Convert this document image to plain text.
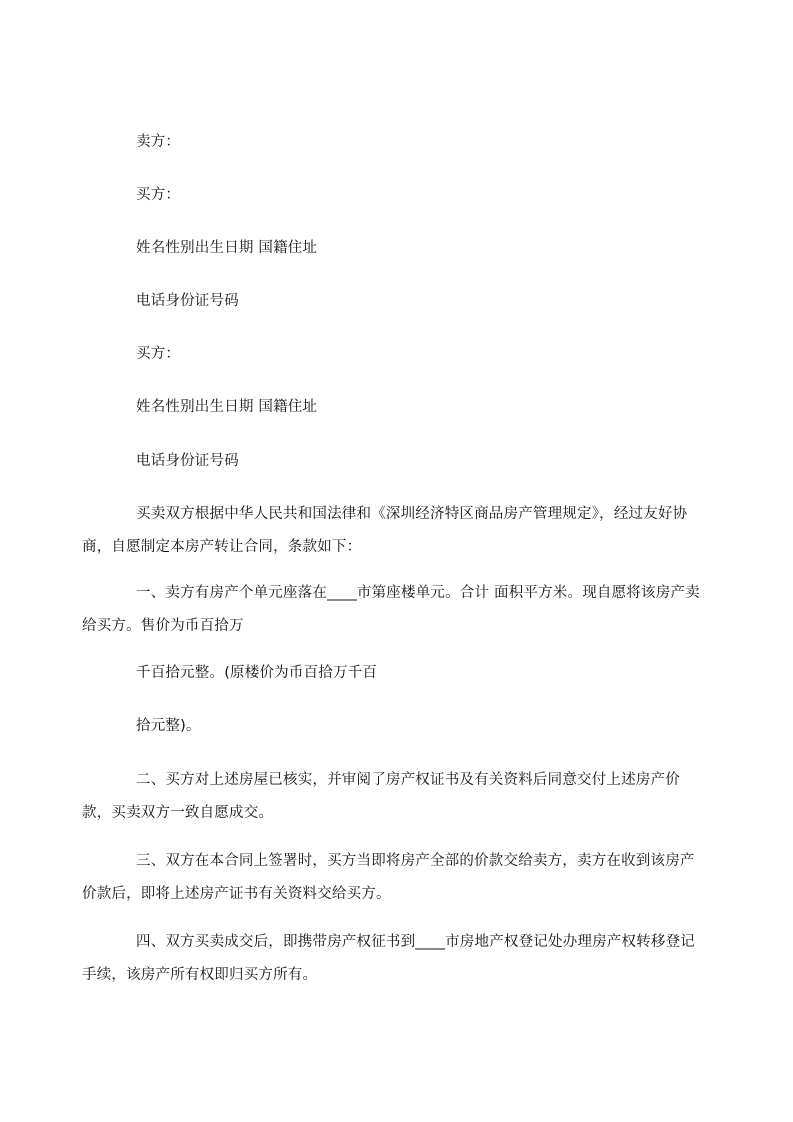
卖方：
买方：
姓名性别出生日期 国籍住址
电话身份证号码
买方：
姓名性别出生日期 国籍住址
电话身份证号码
买卖双方根据中华人民共和国法律和《深圳经济特区商品房产管理规定》，经过友好协商，自愿制定本房产转让合同，条款如下：
一、卖方有房产个单元座落在____市第座楼单元。合计 面积平方米。现自愿将该房产卖给买方。售价为币百拾万
千百拾元整。(原楼价为币百拾万千百
拾元整)。
二、买方对上述房屋已核实，并审阅了房产权证书及有关资料后同意交付上述房产价款，买卖双方一致自愿成交。
三、双方在本合同上签署时，买方当即将房产全部的价款交给卖方，卖方在收到该房产价款后，即将上述房产证书有关资料交给买方。
四、双方买卖成交后，即携带房产权征书到____市房地产权登记处办理房产权转移登记手续，该房产所有权即归买方所有。
